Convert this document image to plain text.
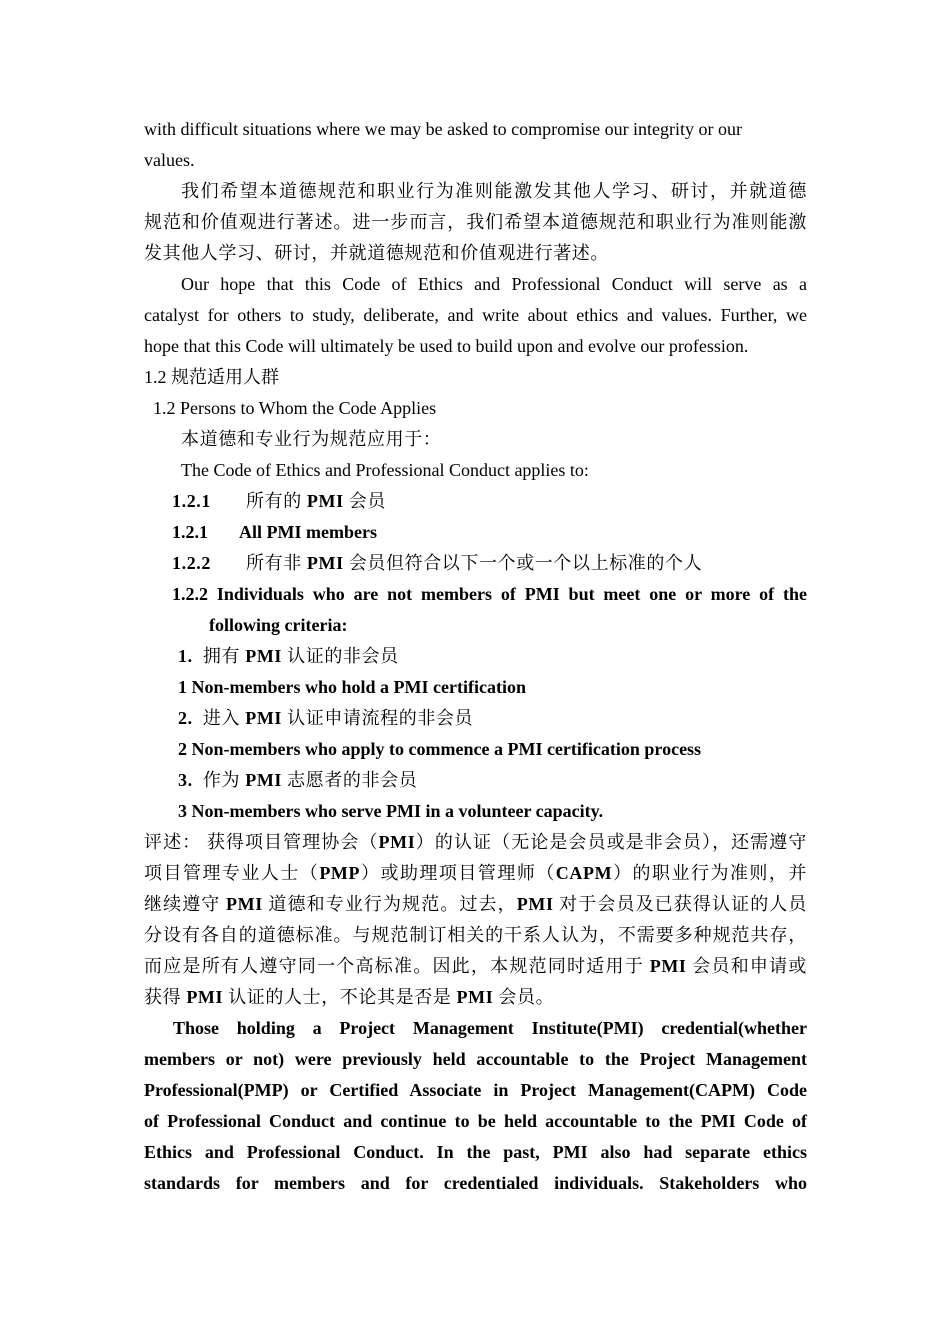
with difficult situations where we may be asked to compromise our integrity or our
values.
我们希望本道德规范和职业行为准则能激发其他人学习、研讨，并就道德
规范和价值观进行著述。进一步而言，我们希望本道德规范和职业行为准则能激
发其他人学习、研讨，并就道德规范和价值观进行著述。
Our hope that this Code of Ethics and Professional Conduct will serve as a
catalyst for others to study, deliberate, and write about ethics and values. Further, we
hope that this Code will ultimately be used to build upon and evolve our profession.
1.2 规范适用人群
1.2 Persons to Whom the Code Applies
本道德和专业行为规范应用于：
The Code of Ethics and Professional Conduct applies to:
1.2.1 所有的 PMI 会员
1.2.1 All PMI members
1.2.2 所有非 PMI 会员但符合以下一个或一个以上标准的个人
1.2.2 Individuals who are not members of PMI but meet one or more of the
following criteria:
1. 拥有 PMI 认证的非会员
1 Non-members who hold a PMI certification
2. 进入 PMI 认证申请流程的非会员
2 Non-members who apply to commence a PMI certification process
3. 作为 PMI 志愿者的非会员
3 Non-members who serve PMI in a volunteer capacity.
评述： 获得项目管理协会（PMI）的认证（无论是会员或是非会员），还需遵守
项目管理专业人士（PMP）或助理项目管理师（CAPM）的职业行为准则，并
继续遵守 PMI 道德和专业行为规范。过去，PMI 对于会员及已获得认证的人员
分设有各自的道德标准。与规范制订相关的干系人认为，不需要多种规范共存，
而应是所有人遵守同一个高标准。因此，本规范同时适用于 PMI 会员和申请或
获得 PMI 认证的人士，不论其是否是 PMI 会员。
Those holding a Project Management Institute(PMI) credential(whether
members or not) were previously held accountable to the Project Management
Professional(PMP) or Certified Associate in Project Management(CAPM) Code
of Professional Conduct and continue to be held accountable to the PMI Code of
Ethics and Professional Conduct. In the past, PMI also had separate ethics
standards for members and for credentialed individuals. Stakeholders who
